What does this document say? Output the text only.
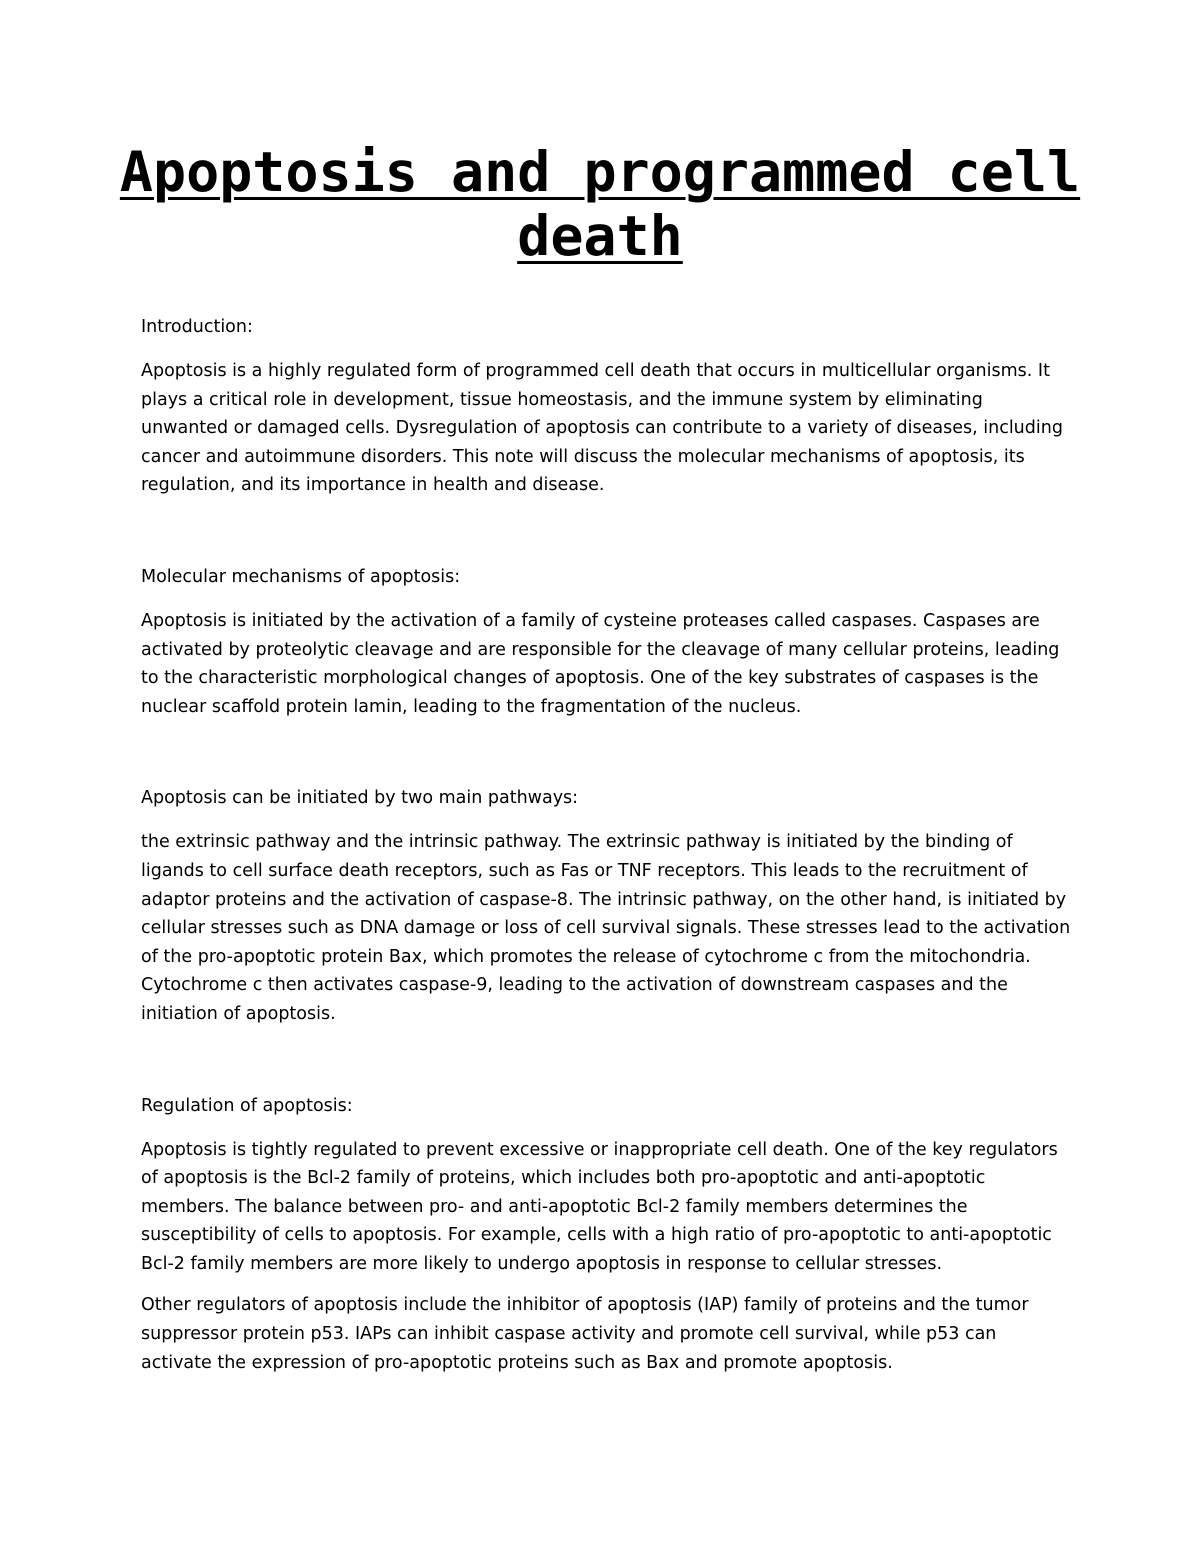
Apoptosis and programmed cell death
Introduction:

Apoptosis is a highly regulated form of programmed cell death that occurs in multicellular organisms. It plays a critical role in development, tissue homeostasis, and the immune system by eliminating unwanted or damaged cells. Dysregulation of apoptosis can contribute to a variety of diseases, including cancer and autoimmune disorders. This note will discuss the molecular mechanisms of apoptosis, its regulation, and its importance in health and disease.

Molecular mechanisms of apoptosis:

Apoptosis is initiated by the activation of a family of cysteine proteases called caspases. Caspases are activated by proteolytic cleavage and are responsible for the cleavage of many cellular proteins, leading to the characteristic morphological changes of apoptosis. One of the key substrates of caspases is the nuclear scaffold protein lamin, leading to the fragmentation of the nucleus.

Apoptosis can be initiated by two main pathways:

the extrinsic pathway and the intrinsic pathway. The extrinsic pathway is initiated by the binding of ligands to cell surface death receptors, such as Fas or TNF receptors. This leads to the recruitment of adaptor proteins and the activation of caspase-8. The intrinsic pathway, on the other hand, is initiated by cellular stresses such as DNA damage or loss of cell survival signals. These stresses lead to the activation of the pro-apoptotic protein Bax, which promotes the release of cytochrome c from the mitochondria. Cytochrome c then activates caspase-9, leading to the activation of downstream caspases and the initiation of apoptosis.

Regulation of apoptosis:

Apoptosis is tightly regulated to prevent excessive or inappropriate cell death. One of the key regulators of apoptosis is the Bcl-2 family of proteins, which includes both pro-apoptotic and anti-apoptotic members. The balance between pro- and anti-apoptotic Bcl-2 family members determines the susceptibility of cells to apoptosis. For example, cells with a high ratio of pro-apoptotic to anti-apoptotic Bcl-2 family members are more likely to undergo apoptosis in response to cellular stresses.

Other regulators of apoptosis include the inhibitor of apoptosis (IAP) family of proteins and the tumor suppressor protein p53. IAPs can inhibit caspase activity and promote cell survival, while p53 can activate the expression of pro-apoptotic proteins such as Bax and promote apoptosis.
